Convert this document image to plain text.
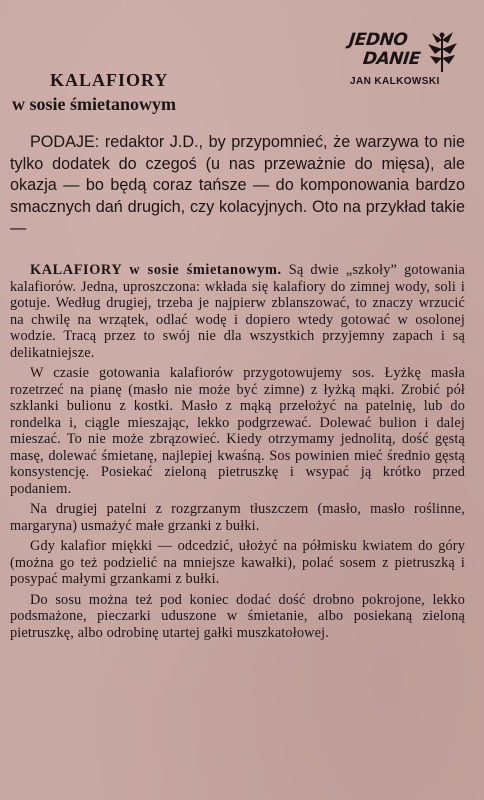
JEDNO
DANIE
JAN KALKOWSKI
KALAFIORY
w sosie śmietanowym

PODAJE: redaktor J.D., by przypomnieć, że warzywa to nie tylko dodatek do czegoś (u nas przeważnie do mięsa), ale okazja — bo będą coraz tańsze — do komponowania bardzo smacznych dań drugich, czy kolacyjnych. Oto na przykład takie —

KALAFIORY w sosie śmietanowym. Są dwie „szkoły” gotowania kalafiorów. Jedna, uproszczona: wkłada się kalafiory do zimnej wody, soli i gotuje. Według drugiej, trzeba je najpierw zblanszować, to znaczy wrzucić na chwilę na wrzątek, odlać wodę i dopiero wtedy gotować w osolonej wodzie. Tracą przez to swój nie dla wszystkich przyjemny zapach i są delikatniejsze.

W czasie gotowania kalafiorów przygotowujemy sos. Łyżkę masła rozetrzeć na pianę (masło nie może być zimne) z łyżką mąki. Zrobić pół szklanki bulionu z kostki. Masło z mąką przełożyć na patelnię, lub do rondelka i, ciągle mieszając, lekko podgrzewać. Dolewać bulion i dalej mieszać. To nie może zbrązowieć. Kiedy otrzymamy jednolitą, dość gęstą masę, dolewać śmietanę, najlepiej kwaśną. Sos powinien mieć średnio gęstą konsystencję. Posiekać zieloną pietruszkę i wsypać ją krótko przed podaniem.

Na drugiej patelni z rozgrzanym tłuszczem (masło, masło roślinne, margaryna) usmażyć małe grzanki z bułki.

Gdy kalafior miękki — odcedzić, ułożyć na półmisku kwiatem do góry (można go też podzielić na mniejsze kawałki), polać sosem z pietruszką i posypać małymi grzankami z bułki.

Do sosu można też pod koniec dodać dość drobno pokrojone, lekko podsmażone, pieczarki uduszone w śmietanie, albo posiekaną zieloną pietruszkę, albo odrobinę utartej gałki muszkatołowej.
